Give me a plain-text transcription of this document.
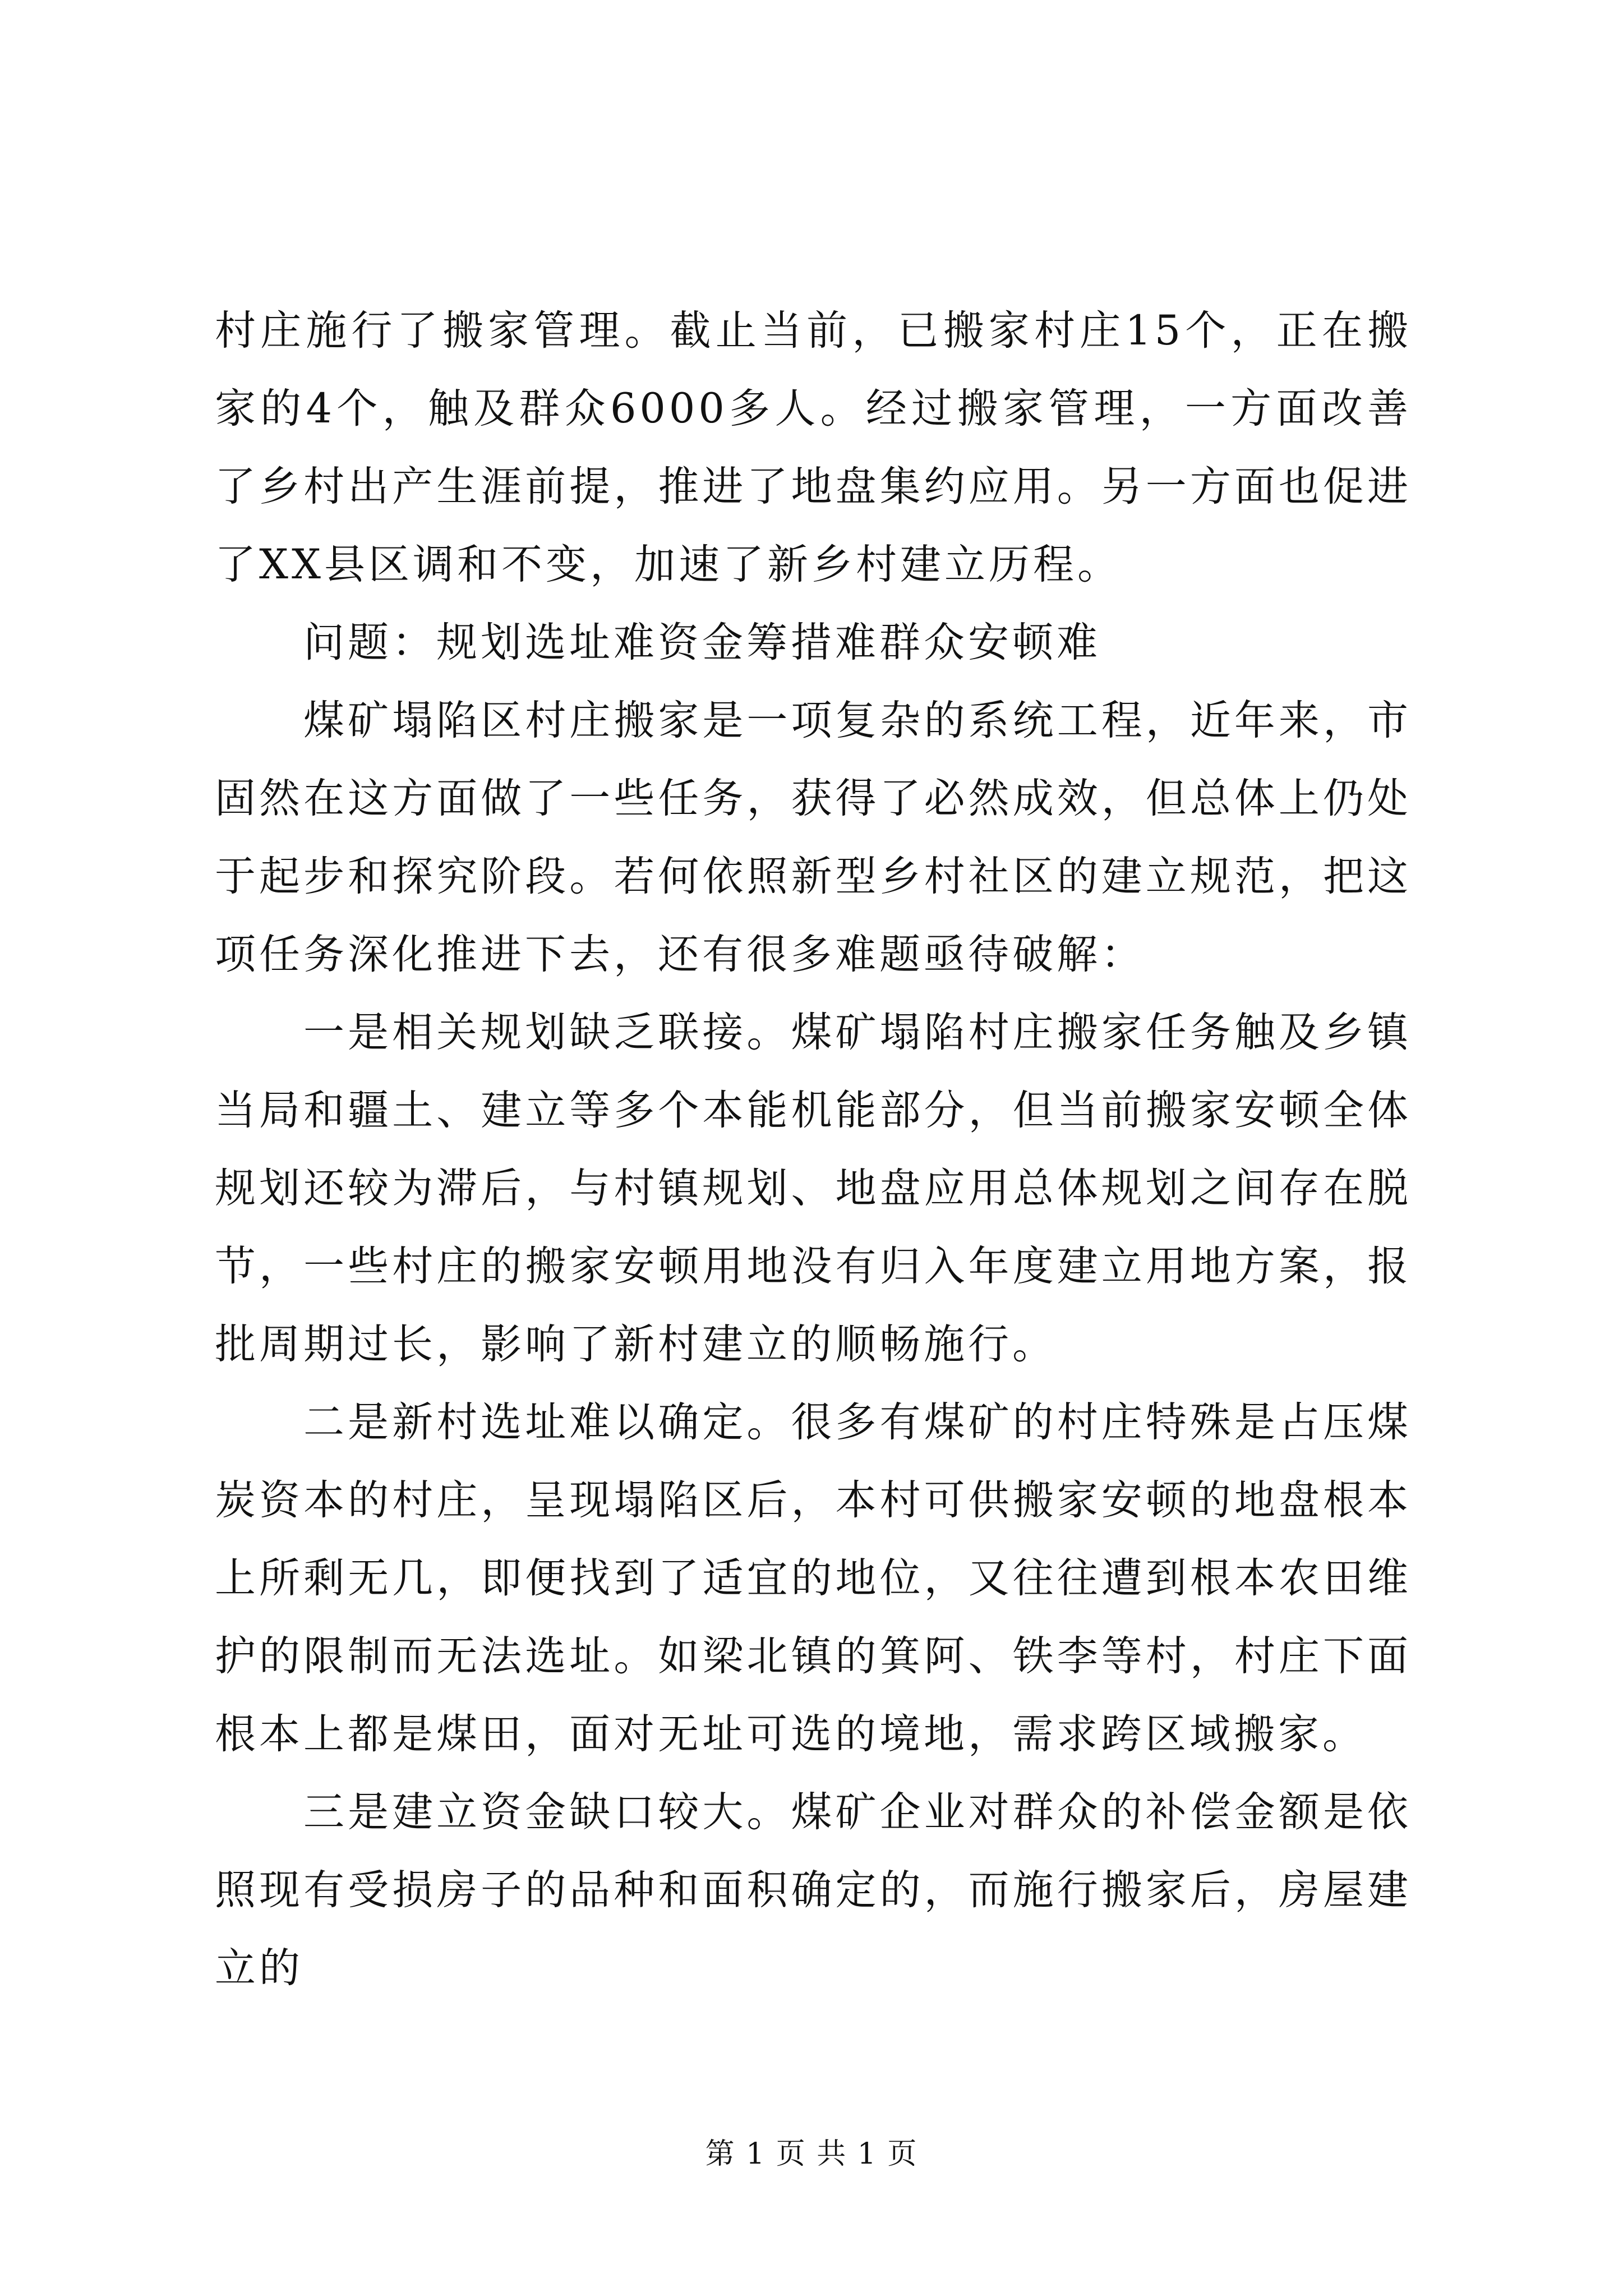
村庄施行了搬家管理。截止当前，已搬家村庄15个，正在搬家的4个，触及群众6000多人。经过搬家管理，一方面改善了乡村出产生涯前提，推进了地盘集约应用。另一方面也促进了XX县区调和不变，加速了新乡村建立历程。

问题：规划选址难资金筹措难群众安顿难

煤矿塌陷区村庄搬家是一项复杂的系统工程，近年来，市固然在这方面做了一些任务，获得了必然成效，但总体上仍处于起步和探究阶段。若何依照新型乡村社区的建立规范，把这项任务深化推进下去，还有很多难题亟待破解：

一是相关规划缺乏联接。煤矿塌陷村庄搬家任务触及乡镇当局和疆土、建立等多个本能机能部分，但当前搬家安顿全体规划还较为滞后，与村镇规划、地盘应用总体规划之间存在脱节，一些村庄的搬家安顿用地没有归入年度建立用地方案，报批周期过长，影响了新村建立的顺畅施行。

二是新村选址难以确定。很多有煤矿的村庄特殊是占压煤炭资本的村庄，呈现塌陷区后，本村可供搬家安顿的地盘根本上所剩无几，即便找到了适宜的地位，又往往遭到根本农田维护的限制而无法选址。如梁北镇的箕阿、铁李等村，村庄下面根本上都是煤田，面对无址可选的境地，需求跨区域搬家。

三是建立资金缺口较大。煤矿企业对群众的补偿金额是依照现有受损房子的品种和面积确定的，而施行搬家后，房屋建立的

第 1 页 共 1 页
